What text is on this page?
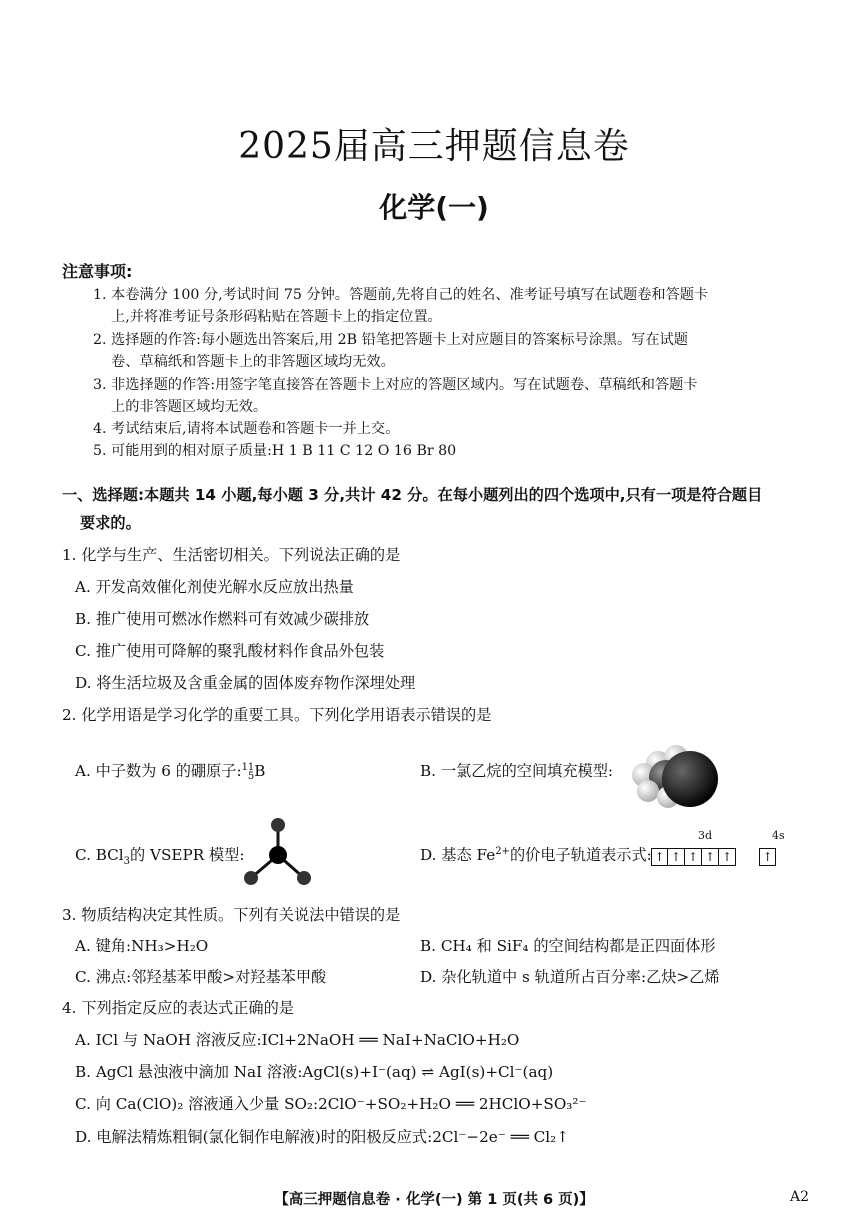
2025届高三押题信息卷
化学(一)
注意事项:
1. 本卷满分 100 分,考试时间 75 分钟。答题前,先将自己的姓名、准考证号填写在试题卷和答题卡
上,并将准考证号条形码粘贴在答题卡上的指定位置。
2. 选择题的作答:每小题选出答案后,用 2B 铅笔把答题卡上对应题目的答案标号涂黑。写在试题
卷、草稿纸和答题卡上的非答题区域均无效。
3. 非选择题的作答:用签字笔直接答在答题卡上对应的答题区域内。写在试题卷、草稿纸和答题卡
上的非答题区域均无效。
4. 考试结束后,请将本试题卷和答题卡一并上交。
5. 可能用到的相对原子质量:H 1 B 11 C 12 O 16 Br 80
一、选择题:本题共 14 小题,每小题 3 分,共计 42 分。在每小题列出的四个选项中,只有一项是符合题目
要求的。
1. 化学与生产、生活密切相关。下列说法正确的是
A. 开发高效催化剂使光解水反应放出热量
B. 推广使用可燃冰作燃料可有效减少碳排放
C. 推广使用可降解的聚乳酸材料作食品外包装
D. 将生活垃圾及含重金属的固体废弃物作深埋处理
2. 化学用语是学习化学的重要工具。下列化学用语表示错误的是
A. 中子数为 6 的硼原子:11
5B	B. 一氯乙烷的空间填充模型:
C. BCl$_3$的 VSEPR 模型:	D. 基态 $Fe^{2+}$的价电子轨道表示式:
3d	4s
↑ ↑ ↑ ↑ ↑
	↑
3. 物质结构决定其性质。下列有关说法中错误的是
A. 键角:NH₃>H₂O	B. CH₄ 和 SiF₄ 的空间结构都是正四面体形
C. 沸点:邻羟基苯甲酸>对羟基苯甲酸	D. 杂化轨道中 s 轨道所占百分率:乙炔>乙烯
4. 下列指定反应的表达式正确的是
A. ICl 与 NaOH 溶液反应:ICl+2NaOH ══ NaI+NaClO+H₂O
B. AgCl 悬浊液中滴加 NaI 溶液:AgCl(s)+I⁻(aq) ⇌ AgI(s)+Cl⁻(aq)
C. 向 Ca(ClO)₂ 溶液通入少量 SO₂:2ClO⁻+SO₂+H₂O ══ 2HClO+SO₃²⁻
D. 电解法精炼粗铜(氯化铜作电解液)时的阳极反应式:2Cl⁻−2e⁻ ══ Cl₂↑
【高三押题信息卷 · 化学(一) 第 1 页(共 6 页)】	A2
